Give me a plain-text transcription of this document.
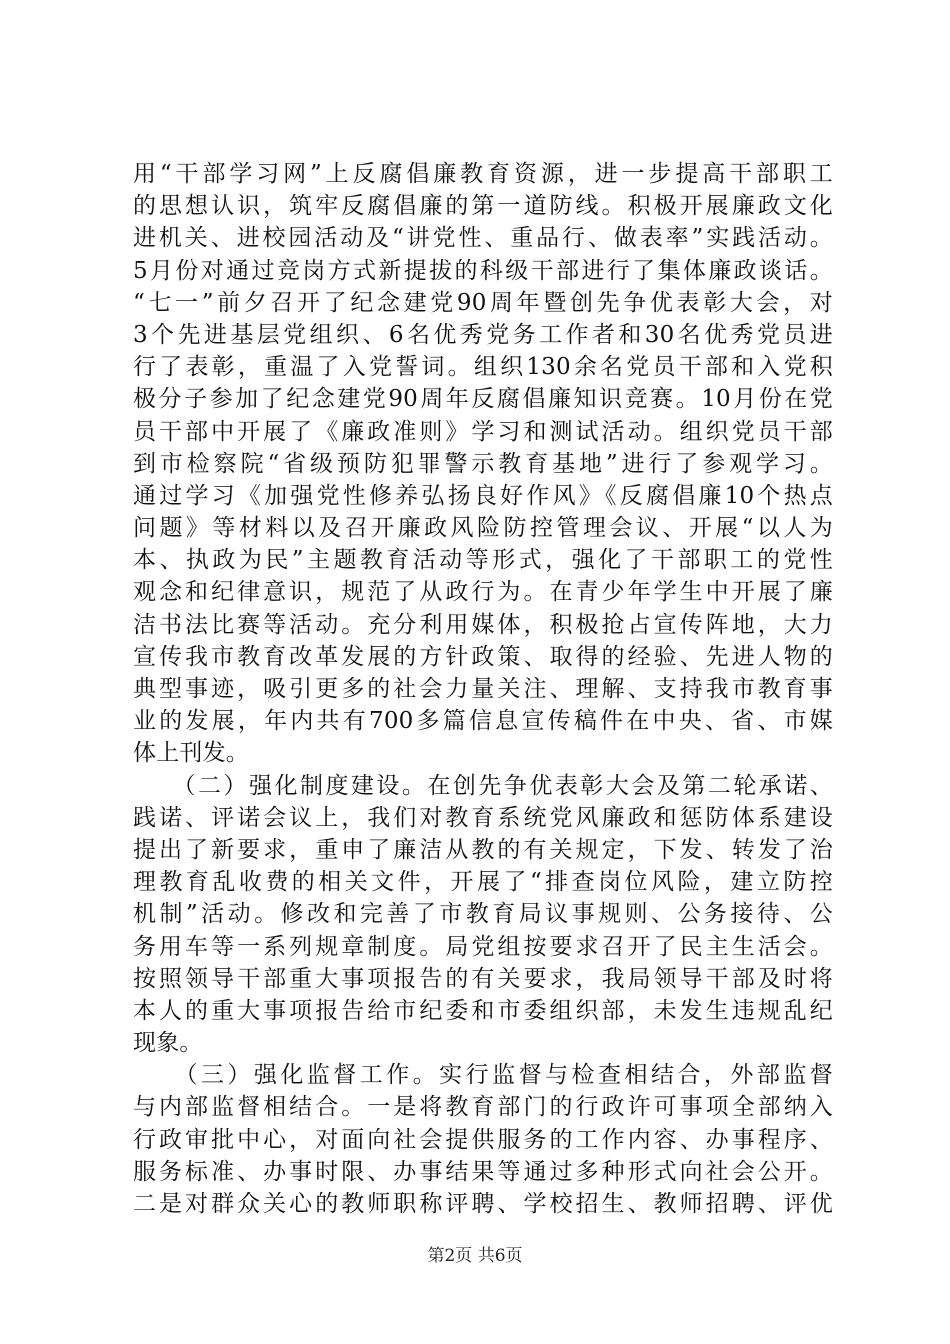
用“干部学习网”上反腐倡廉教育资源，进一步提高干部职工
的思想认识，筑牢反腐倡廉的第一道防线。积极开展廉政文化
进机关、进校园活动及“讲党性、重品行、做表率”实践活动。
5月份对通过竞岗方式新提拔的科级干部进行了集体廉政谈话。
“七一”前夕召开了纪念建党90周年暨创先争优表彰大会，对
3个先进基层党组织、6名优秀党务工作者和30名优秀党员进
行了表彰，重温了入党誓词。组织130余名党员干部和入党积
极分子参加了纪念建党90周年反腐倡廉知识竞赛。10月份在党
员干部中开展了《廉政准则》学习和测试活动。组织党员干部
到市检察院“省级预防犯罪警示教育基地”进行了参观学习。
通过学习《加强党性修养弘扬良好作风》《反腐倡廉10个热点
问题》等材料以及召开廉政风险防控管理会议、开展“以人为
本、执政为民”主题教育活动等形式，强化了干部职工的党性
观念和纪律意识，规范了从政行为。在青少年学生中开展了廉
洁书法比赛等活动。充分利用媒体，积极抢占宣传阵地，大力
宣传我市教育改革发展的方针政策、取得的经验、先进人物的
典型事迹，吸引更多的社会力量关注、理解、支持我市教育事
业的发展，年内共有700多篇信息宣传稿件在中央、省、市媒
体上刊发。
　　（二）强化制度建设。在创先争优表彰大会及第二轮承诺、
践诺、评诺会议上，我们对教育系统党风廉政和惩防体系建设
提出了新要求，重申了廉洁从教的有关规定，下发、转发了治
理教育乱收费的相关文件，开展了“排查岗位风险，建立防控
机制”活动。修改和完善了市教育局议事规则、公务接待、公
务用车等一系列规章制度。局党组按要求召开了民主生活会。
按照领导干部重大事项报告的有关要求，我局领导干部及时将
本人的重大事项报告给市纪委和市委组织部，未发生违规乱纪
现象。
　　（三）强化监督工作。实行监督与检查相结合，外部监督
与内部监督相结合。一是将教育部门的行政许可事项全部纳入
行政审批中心，对面向社会提供服务的工作内容、办事程序、
服务标准、办事时限、办事结果等通过多种形式向社会公开。
二是对群众关心的教师职称评聘、学校招生、教师招聘、评优
第2页 共6页
